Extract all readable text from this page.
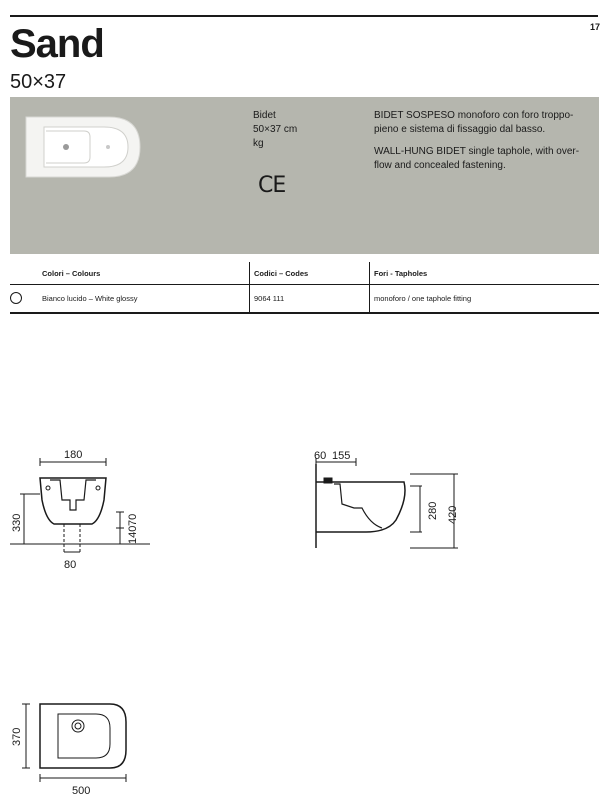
17
Sand
50×37
Bidet
50×37 cm
kg
CE

BIDET SOSPESO monoforo con foro troppo-pieno e sistema di fissaggio dal basso.

WALL-HUNG BIDET single taphole, with over-flow and concealed fastening.

Colori – Colours	Codici – Codes	Fori - Tapholes
Bianco lucido – White glossy	9064 111	monoforo / one taphole fitting
180
330
140
70
80
60 155
280 420
370
500
